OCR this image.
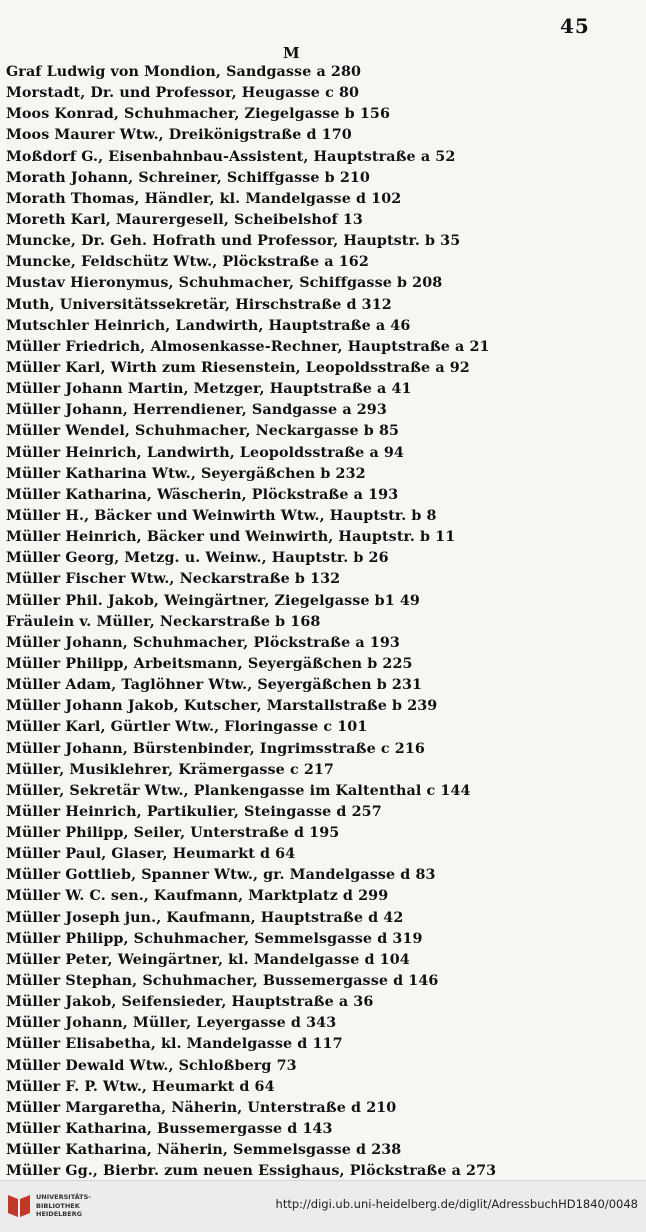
45
M
Graf Ludwig von Mondion, Sandgasse a 280
Morstadt, Dr. und Professor, Heugasse c 80
Moos Konrad, Schuhmacher, Ziegelgasse b 156
Moos Maurer Wtw., Dreikönigstraße d 170
Moßdorf G., Eisenbahnbau-Assistent, Hauptstraße a 52
Morath Johann, Schreiner, Schiffgasse b 210
Morath Thomas, Händler, kl. Mandelgasse d 102
Moreth Karl, Maurergesell, Scheibelshof 13
Muncke, Dr. Geh. Hofrath und Professor, Hauptstr. b 35
Muncke, Feldschütz Wtw., Plöckstraße a 162
Mustav Hieronymus, Schuhmacher, Schiffgasse b 208
Muth, Universitätssekretär, Hirschstraße d 312
Mutschler Heinrich, Landwirth, Hauptstraße a 46
Müller Friedrich, Almosenkasse-Rechner, Hauptstraße a 21
Müller Karl, Wirth zum Riesenstein, Leopoldsstraße a 92
Müller Johann Martin, Metzger, Hauptstraße a 41
Müller Johann, Herrendiener, Sandgasse a 293
Müller Wendel, Schuhmacher, Neckargasse b 85
Müller Heinrich, Landwirth, Leopoldsstraße a 94
Müller Katharina Wtw., Seyergäßchen b 232
Müller Katharina, Wäscherin, Plöckstraße a 193
Müller H., Bäcker und Weinwirth Wtw., Hauptstr. b 8
Müller Heinrich, Bäcker und Weinwirth, Hauptstr. b 11
Müller Georg, Metzg. u. Weinw., Hauptstr. b 26
Müller Fischer Wtw., Neckarstraße b 132
Müller Phil. Jakob, Weingärtner, Ziegelgasse b1 49
Fräulein v. Müller, Neckarstraße b 168
Müller Johann, Schuhmacher, Plöckstraße a 193
Müller Philipp, Arbeitsmann, Seyergäßchen b 225
Müller Adam, Taglöhner Wtw., Seyergäßchen b 231
Müller Johann Jakob, Kutscher, Marstallstraße b 239
Müller Karl, Gürtler Wtw., Floringasse c 101
Müller Johann, Bürstenbinder, Ingrimsstraße c 216
Müller, Musiklehrer, Krämergasse c 217
Müller, Sekretär Wtw., Plankengasse im Kaltenthal c 144
Müller Heinrich, Partikulier, Steingasse d 257
Müller Philipp, Seiler, Unterstraße d 195
Müller Paul, Glaser, Heumarkt d 64
Müller Gottlieb, Spanner Wtw., gr. Mandelgasse d 83
Müller W. C. sen., Kaufmann, Marktplatz d 299
Müller Joseph jun., Kaufmann, Hauptstraße d 42
Müller Philipp, Schuhmacher, Semmelsgasse d 319
Müller Peter, Weingärtner, kl. Mandelgasse d 104
Müller Stephan, Schuhmacher, Bussemergasse d 146
Müller Jakob, Seifensieder, Hauptstraße a 36
Müller Johann, Müller, Leyergasse d 343
Müller Elisabetha, kl. Mandelgasse d 117
Müller Dewald Wtw., Schloßberg 73
Müller F. P. Wtw., Heumarkt d 64
Müller Margaretha, Näherin, Unterstraße d 210
Müller Katharina, Bussemergasse d 143
Müller Katharina, Näherin, Semmelsgasse d 238
Müller Gg., Bierbr. zum neuen Essighaus, Plöckstraße a 273
UNIVERSITÄTS-
BIBLIOTHEK
HEIDELBERG
http://digi.ub.uni-heidelberg.de/diglit/AdressbuchHD1840/0048
